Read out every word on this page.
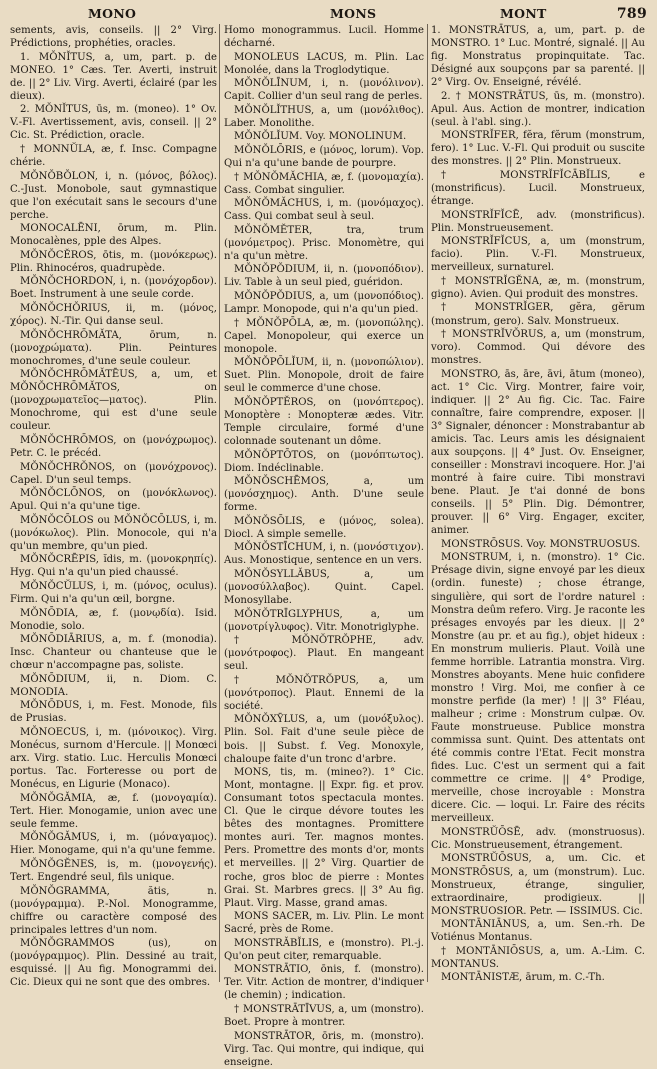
MONO	MONS	MONT	789

sements, avis, conseils. || 2° Virg. Prédictions, prophéties, oracles.

1. MŎNĬTUS, a, um, part. p. de MONEO. 1° Cæs. Ter. Averti, instruit de. || 2° Liv. Virg. Averti, éclairé (par les dieux).

2. MŎNĬTUS, ūs, m. (moneo). 1° Ov. V.-Fl. Avertissement, avis, conseil. || 2° Cic. St. Prédiction, oracle.

† MONNŬLA, æ, f. Insc. Compagne chérie.

MŎNŎBŎLON, i, n. (μόνος, βόλος). C.-Just. Monobole, saut gymnastique que l'on exécutait sans le secours d'une perche.

MONOCALĒNI, ōrum, m. Plin. Monocalènes, pple des Alpes.

MŎNŎCĔROS, ōtis, m. (μονόκερως). Plin. Rhinocéros, quadrupède.

MŎNŎCHORDON, i, n. (μονόχορδον). Boet. Instrument à une seule corde.

MŎNŎCHŎRIUS, ii, m. (μόνος, χόρος). N.-Tir. Qui danse seul.

MŎNŎCHRŌMĂTA, ōrum, n. (μονοχρώματα). Plin. Peintures monochromes, d'une seule couleur.

MŎNŎCHRŌMĂTĒUS, a, um, et MŎNŎCHRŌMĂTOS, on (μονοχρωματεῖος—ματος). Plin. Monochrome, qui est d'une seule couleur.

MŎNŎCHRŌMOS, on (μονόχρωμος). Petr. C. le précéd.

MŎNŎCHRŎNOS, on (μονόχρονος). Capel. D'un seul temps.

MŎNŎCLŌNOS, on (μονόκλωνος). Apul. Qui n'a qu'une tige.

MŎNŎCŌLOS ou MŎNŎCŌLUS, i, m. (μονόκωλος). Plin. Monocole, qui n'a qu'un membre, qu'un pied.

MŎNŎCRĒPIS, ĭdis, m. (μονοκρηπίς). Hyg. Qui n'a qu'un pied chaussé.

MŎNŎCŬLUS, i, m. (μόνος, oculus). Firm. Qui n'a qu'un œil, borgne.

MŎNŌDIA, æ, f. (μονῳδία). Isid. Monodie, solo.

MŎNŌDIĀRIUS, a, m. f. (monodia). Insc. Chanteur ou chanteuse que le chœur n'accompagne pas, soliste.

MŎNŌDIUM, ii, n. Diom. C. MONODIA.

MŎNŌDUS, i, m. Fest. Monode, fils de Prusias.

MŎNOECUS, i, m. (μόνοικος). Virg. Monécus, surnom d'Hercule. || Monœci arx. Virg. statio. Luc. Herculis Monœci portus. Tac. Forteresse ou port de Monécus, en Ligurie (Monaco).

MŎNŎGĂMIA, æ, f. (μονογαμία). Tert. Hier. Monogamie, union avec une seule femme.

MŎNŎGĂMUS, i, m. (μόναγαμος). Hier. Monogame, qui n'a qu'une femme.

MŎNŎGĔNES, is, m. (μονογενής). Tert. Engendré seul, fils unique.

MŎNŎGRAMMA, ătis, n. (μονόγραμμα). P.-Nol. Monogramme, chiffre ou caractère composé des principales lettres d'un nom.

MŎNŎGRAMMOS (us), on (μονόγραμμος). Plin. Dessiné au trait, esquissé. || Au fig. Monogrammi dei. Cic. Dieux qui ne sont que des ombres.

Homo monogrammus. Lucil. Homme décharné.

MONOLEUS LACUS, m. Plin. Lac Monolée, dans la Troglodytique.

MŎNŎLĪNUM, i, n. (μονόλινον). Capit. Collier d'un seul rang de perles.

MŎNŎLĬTHUS, a, um (μονόλιθος). Laber. Monolithe.

MŎNŎLĬUM. Voy. MONOLINUM.

MŎNŎLŌRIS, e (μόνος, lorum). Vop. Qui n'a qu'une bande de pourpre.

† MŎNŎMĂCHIA, æ, f. (μονομαχία). Cass. Combat singulier.

MŎNŎMĂCHUS, i, m. (μονόμαχος). Cass. Qui combat seul à seul.

MŎNŎMĔTER, tra, trum (μονόμετρος). Prisc. Monomètre, qui n'a qu'un mètre.

MŎNŎPŎDIUM, ii, n. (μονοπόδιον). Liv. Table à un seul pied, guéridon.

MŎNŎPŎDIUS, a, um (μονοπόδιος). Lampr. Monopode, qui n'a qu'un pied.

† MŎNŎPŌLA, æ, m. (μονοπώλης). Capel. Monopoleur, qui exerce un monopole.

MŎNŎPŌLĬUM, ii, n. (μονοπώλιον). Suet. Plin. Monopole, droit de faire seul le commerce d'une chose.

MŎNŎPTĔROS, on (μονόπτερος). Monoptère : Monopteræ ædes. Vitr. Temple circulaire, formé d'une colonnade soutenant un dôme.

MŎNŎPTŌTOS, on (μονόπτωτος). Diom. Indéclinable.

MŎNŎSCHĒMOS, a, um (μονόσχημος). Anth. D'une seule forme.

MŎNŎSŌLIS, e (μόνος, solea). Diocl. A simple semelle.

MŎNŎSTĪCHUM, i, n. (μονόστιχον). Aus. Monostique, sentence en un vers.

MŎNŎSYLLĂBUS, a, um (μονοσύλλαβος). Quint. Capel. Monosyllabe.

MŎNŎTRĪGLYPHUS, a, um (μονοτρίγλυφος). Vitr. Monotriglyphe.

† MŎNŎTRŎPHE, adv. (μονότροφος). Plaut. En mangeant seul.

† MŎNŎTRŎPUS, a, um (μονότροπος). Plaut. Ennemi de la société.

MŎNŎXȲLUS, a, um (μονόξυλος). Plin. Sol. Fait d'une seule pièce de bois. || Subst. f. Veg. Monoxyle, chaloupe faite d'un tronc d'arbre.

MONS, tis, m. (mineo?). 1° Cic. Mont, montagne. || Expr. fig. et prov. Consumant totos spectacula montes. Cl. Que le cirque dévore toutes les bêtes des montagnes. Promittere montes auri. Ter. magnos montes. Pers. Promettre des monts d'or, monts et merveilles. || 2° Virg. Quartier de roche, gros bloc de pierre : Montes Grai. St. Marbres grecs. || 3° Au fig. Plaut. Virg. Masse, grand amas.

MONS SACER, m. Liv. Plin. Le mont Sacré, près de Rome.

MONSTRĂBĬLIS, e (monstro). Pl.-j. Qu'on peut citer, remarquable.

MONSTRĀTIO, ōnis, f. (monstro). Ter. Vitr. Action de montrer, d'indiquer (le chemin) ; indication.

† MONSTRĀTĪVUS, a, um (monstro). Boet. Propre à montrer.

MONSTRĀTOR, ōris, m. (monstro). Virg. Tac. Qui montre, qui indique, qui enseigne.

1. MONSTRĀTUS, a, um, part. p. de MONSTRO. 1° Luc. Montré, signalé. || Au fig. Monstratus propinquitate. Tac. Désigné aux soupçons par sa parenté. || 2° Virg. Ov. Enseigné, révélé.

2. † MONSTRĀTUS, ūs, m. (monstro). Apul. Aus. Action de montrer, indication (seul. à l'abl. sing.).

MONSTRĬFER, fĕra, fĕrum (monstrum, fero). 1° Luc. V.-Fl. Qui produit ou suscite des monstres. || 2° Plin. Monstrueux.

† MONSTRĬFĬCĀBĬLIS, e (monstrificus). Lucil. Monstrueux, étrange.

MONSTRĬFĬCĒ, adv. (monstrificus). Plin. Monstrueusement.

MONSTRĬFĬCUS, a, um (monstrum, facio). Plin. V.-Fl. Monstrueux, merveilleux, surnaturel.

† MONSTRĬGĔNA, æ, m. (monstrum, gigno). Avien. Qui produit des monstres.

† MONSTRĬGER, gĕra, gĕrum (monstrum, gero). Salv. Monstrueux.

† MONSTRĬVŎRUS, a, um (monstrum, voro). Commod. Qui dévore des monstres.

MONSTRO, ās, āre, āvi, ātum (moneo), act. 1° Cic. Virg. Montrer, faire voir, indiquer. || 2° Au fig. Cic. Tac. Faire connaître, faire comprendre, exposer. || 3° Signaler, dénoncer : Monstrabantur ab amicis. Tac. Leurs amis les désignaient aux soupçons. || 4° Just. Ov. Enseigner, conseiller : Monstravi incoquere. Hor. J'ai montré à faire cuire. Tibi monstravi bene. Plaut. Je t'ai donné de bons conseils. || 5° Plin. Dig. Démontrer, prouver. || 6° Virg. Engager, exciter, animer.

MONSTRŌSUS. Voy. MONSTRUOSUS.

MONSTRUM, i, n. (monstro). 1° Cic. Présage divin, signe envoyé par les dieux (ordin. funeste) ; chose étrange, singulière, qui sort de l'ordre naturel : Monstra deûm refero. Virg. Je raconte les présages envoyés par les dieux. || 2° Monstre (au pr. et au fig.), objet hideux : En monstrum mulieris. Plaut. Voilà une femme horrible. Latrantia monstra. Virg. Monstres aboyants. Mene huic confidere monstro ! Virg. Moi, me confier à ce monstre perfide (la mer) ! || 3° Fléau, malheur ; crime : Monstrum culpæ. Ov. Faute monstrueuse. Publice monstra commissa sunt. Quint. Des attentats ont été commis contre l'Etat. Fecit monstra fides. Luc. C'est un serment qui a fait commettre ce crime. || 4° Prodige, merveille, chose incroyable : Monstra dicere. Cic. — loqui. Lr. Faire des récits merveilleux.

MONSTRŬŌSĒ, adv. (monstruosus). Cic. Monstrueusement, étrangement.

MONSTRŬŌSUS, a, um. Cic. et MONSTRŌSUS, a, um (monstrum). Luc. Monstrueux, étrange, singulier, extraordinaire, prodigieux. || MONSTRUOSIOR. Petr. — ISSIMUS. Cic.

MONTĀNIĀNUS, a, um. Sen.-rh. De Votiénus Montanus.

† MONTĀNIŌSUS, a, um. A.-Lim. C. MONTANUS.

MONTĀNISTÆ, ārum, m. C.-Th.
